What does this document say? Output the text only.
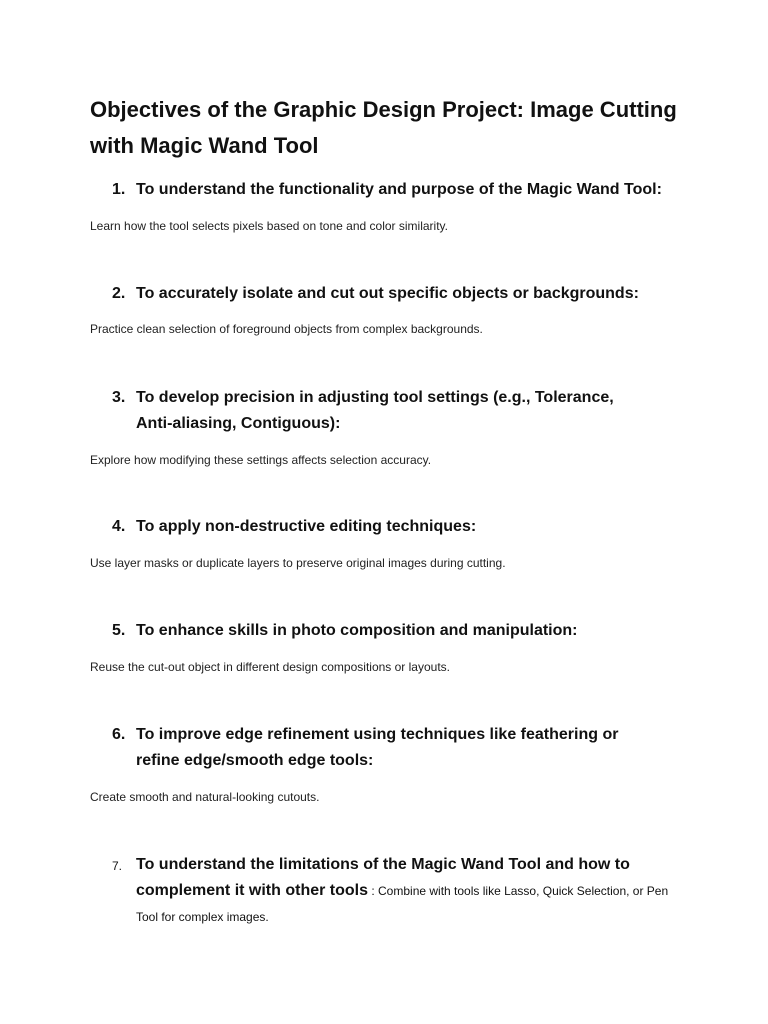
Objectives of the Graphic Design Project: Image Cutting with Magic Wand Tool
1. To understand the functionality and purpose of the Magic Wand Tool:

Learn how the tool selects pixels based on tone and color similarity.

2. To accurately isolate and cut out specific objects or backgrounds:

Practice clean selection of foreground objects from complex backgrounds.

3. To develop precision in adjusting tool settings (e.g., Tolerance, Anti-aliasing, Contiguous):

Explore how modifying these settings affects selection accuracy.

4. To apply non-destructive editing techniques:

Use layer masks or duplicate layers to preserve original images during cutting.

5. To enhance skills in photo composition and manipulation:

Reuse the cut-out object in different design compositions or layouts.

6. To improve edge refinement using techniques like feathering or refine edge/smooth edge tools:

Create smooth and natural-looking cutouts.

7. To understand the limitations of the Magic Wand Tool and how to complement it with other tools : Combine with tools like Lasso, Quick Selection, or Pen Tool for complex images.
